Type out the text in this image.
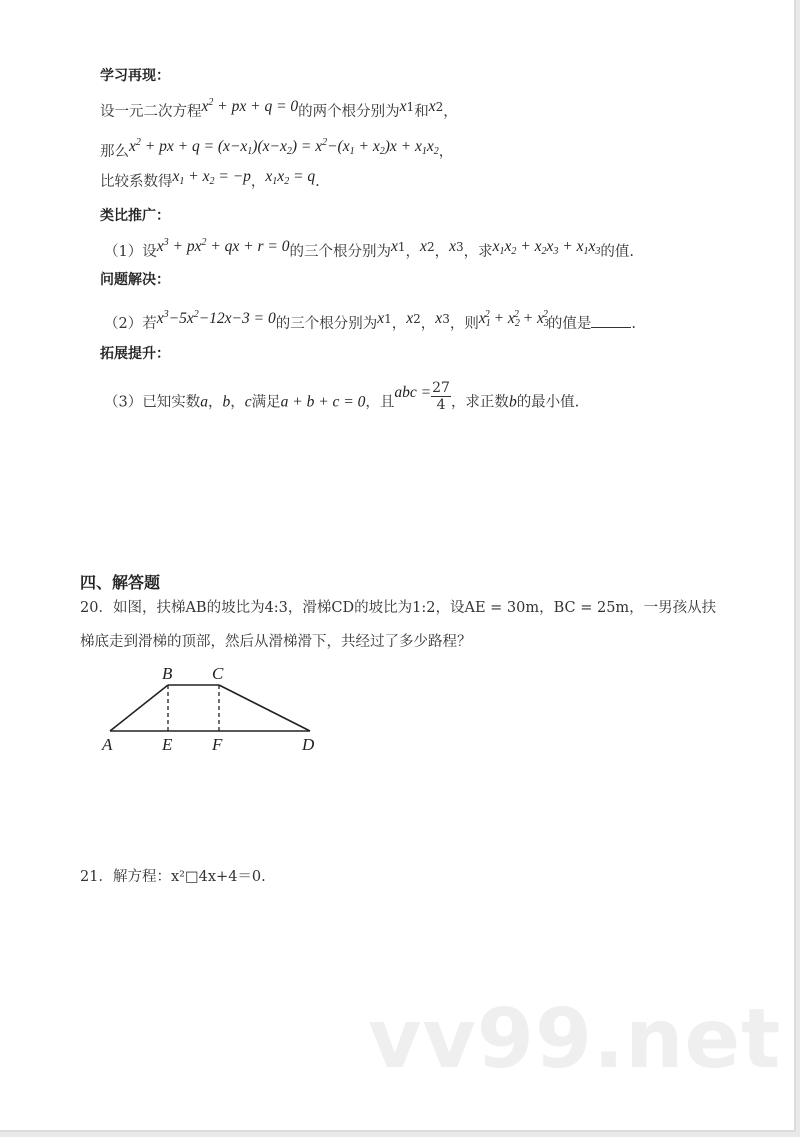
学习再现：
设一元二次方程$x^2$ + px + q = 0的两个根分别为$x^1$和$x^2$，
那么$x^2$ + px + $q = (x-x_1)(x-x_2) = x^2-(x_1 + x_2)x + x_1x_2$，
比较系数得$x_1 + x_2 = -p$，$x_1x_2 = q$.
类比推广：
（1）设$x^3 + px^2$ + qx + r = 0的三个根分别为$x^1$，$x^2$，$x^3$，求$x_1x_2 + x_2x_3 + x_1x_3$的值.
问题解决：
（2）若$x^3-5x^2-12x-3 = 0$的三个根分别为$x^1$，$x^2$，$x^3$，则$x_1^2 + x_2^2 + x_3^2$的值是	.
拓展提升：
（3）已知实数a，b，c满足a + b + c = 0，且abc = $\frac{27}{4}$ ，求正数b的最小值.
四、解答题
20．如图，扶梯AB的坡比为4:3，滑梯CD的坡比为1:2，设AE = 30m，BC = 25m，一男孩从扶
梯底走到滑梯的顶部，然后从滑梯滑下，共经过了多少路程？
B C
A	E F	D
21．解方程：x²□4x+4＝0.
vv99.net
